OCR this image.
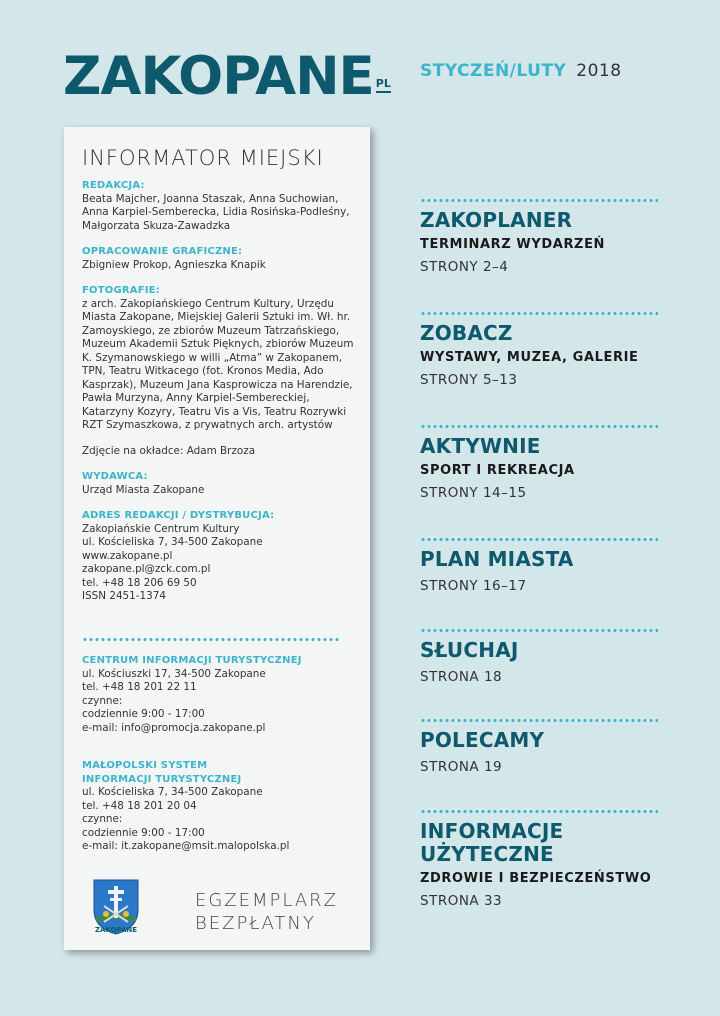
ZAKOPANE PL
STYCZEŃ/LUTY 2018
INFORMATOR MIEJSKI
REDAKCJA:

Beata Majcher, Joanna Staszak, Anna Suchowian,

Anna Karpiel-Semberecka, Lidia Rosińska-Podleśny,

Małgorzata Skuza-Zawadzka

OPRACOWANIE GRAFICZNE:

Zbigniew Prokop, Agnieszka Knapik

FOTOGRAFIE:

z arch. Zakopiańskiego Centrum Kultury, Urzędu

Miasta Zakopane, Miejskiej Galerii Sztuki im. Wł. hr.

Zamoyskiego, ze zbiorów Muzeum Tatrzańskiego,

Muzeum Akademii Sztuk Pięknych, zbiorów Muzeum

K. Szymanowskiego w willi „Atma” w Zakopanem,

TPN, Teatru Witkacego (fot. Kronos Media, Ado

Kasprzak), Muzeum Jana Kasprowicza na Harendzie,

Pawła Murzyna, Anny Karpiel-Sembereckiej,

Katarzyny Kozyry, Teatru Vis a Vis, Teatru Rozrywki

RZT Szymaszkowa, z prywatnych arch. artystów

Zdjęcie na okładce: Adam Brzoza

WYDAWCA:

Urząd Miasta Zakopane

ADRES REDAKCJI / DYSTRYBUCJA:

Zakopiańskie Centrum Kultury

ul. Kościeliska 7, 34-500 Zakopane

www.zakopane.pl

zakopane.pl@zck.com.pl

tel. +48 18 206 69 50

ISSN 2451-1374

CENTRUM INFORMACJI TURYSTYCZNEJ

ul. Kościuszki 17, 34-500 Zakopane

tel. +48 18 201 22 11

czynne:

codziennie 9:00 - 17:00

e-mail: info@promocja.zakopane.pl

MAŁOPOLSKI SYSTEM
INFORMACJI TURYSTYCZNEJ

ul. Kościeliska 7, 34-500 Zakopane

tel. +48 18 201 20 04

czynne:

codziennie 9:00 - 17:00

e-mail: it.zakopane@msit.malopolska.pl

ZAKOPANE
EGZEMPLARZ
BEZPŁATNY
ZAKOPLANER
TERMINARZ WYDARZEŃ
STRONY 2–4
ZOBACZ
WYSTAWY, MUZEA, GALERIE
STRONY 5–13
AKTYWNIE
SPORT I REKREACJA
STRONY 14–15
PLAN MIASTA
STRONY 16–17
SŁUCHAJ
STRONA 18
POLECAMY
STRONA 19
INFORMACJE
UŻYTECZNE
ZDROWIE I BEZPIECZEŃSTWO
STRONA 33
